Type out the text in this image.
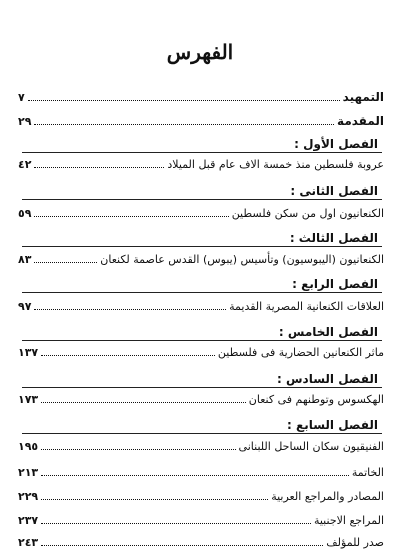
الفهرس
التمهيد
٧
المقدمة
٢٩
الفصل الأول :
عروبة فلسطين منذ خمسة الاف عام قبل الميلاد
٤٢
الفصل الثانى :
الكنعانيون اول من سكن فلسطين
٥٩
الفصل الثالث :
الكنعانيون (اليبوسيون) وتأسيس (يبوس) القدس عاصمة لكنعان
٨٣
الفصل الرابع :
العلاقات الكنعانية المصرية القديمة
٩٧
الفصل الخامس :
ماثر الكنعانين الحضارية فى فلسطين
١٣٧
الفصل السادس :
الهكسوس وتوطنهم فى كنعان
١٧٣
الفصل السابع :
الفنيقيون سكان الساحل اللبنانى
١٩٥
الخاتمة
٢١٣
المصادر والمراجع العربية
٢٢٩
المراجع الاجنبية
٢٣٧
صدر للمؤلف
٢٤٣
